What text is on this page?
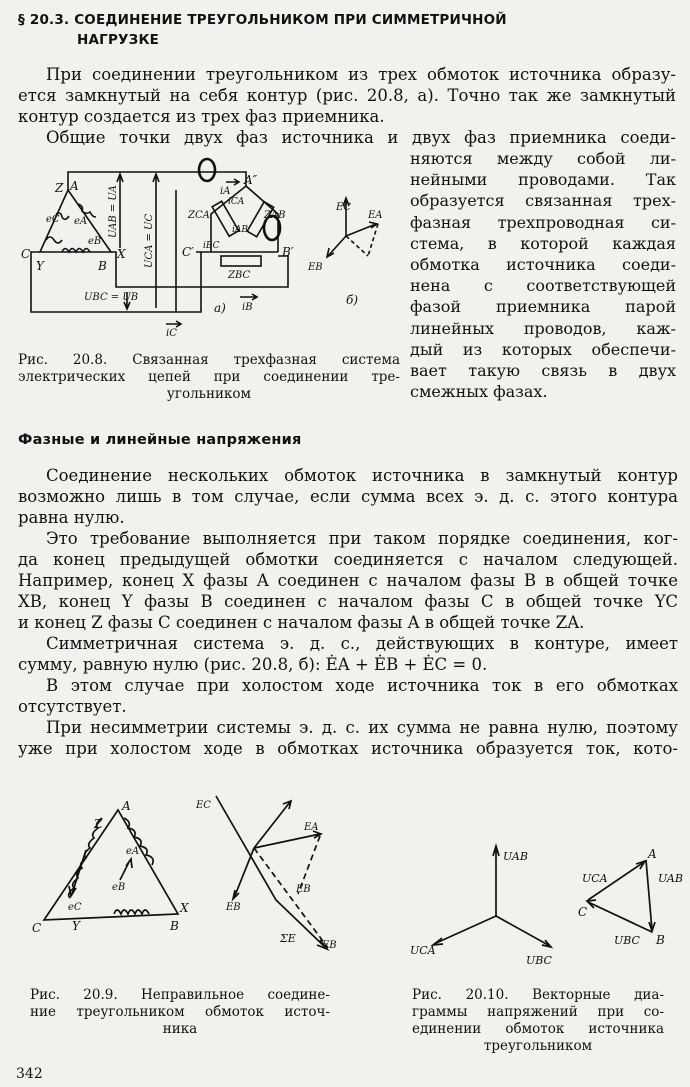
§ 20.3. СОЕДИНЕНИЕ ТРЕУГОЛЬНИКОМ ПРИ СИММЕТРИЧНОЙ
НАГРУЗКЕ
При соединении треугольником из трех обмоток источника образу-
ется замкнутый на себя контур (рис. 20.8, а). Точно так же замкнутый
контур создается из трех фаз приемника.
Общие точки двух фаз источника и двух фаз приемника соеди-
няются между собой ли-
нейными проводами. Так
образуется связанная трех-
фазная трехпроводная си-
стема, в которой каждая
обмотка источника соеди-
нена с соответствующей
фазой приемника парой
линейных проводов, каж-
дый из которых обеспечи-
вает такую связь в двух
смежных фазах.
Z A
C
Y	B
X
eC eA
eB
UAB = UA
UCA = UC
UBC = UB
A″
B′
C′
iA
iB
iC
ZCA	ZAB
ZBC
iCA
iAB
iBC
EC
EA
EB
а)
б)
Рис. 20.8. Связанная трехфазная система
электрических цепей при соединении тре-
угольником
Фазные и линейные напряжения
Соединение нескольких обмоток источника в замкнутый контур
возможно лишь в том случае, если сумма всех э. д. с. этого контура
равна нулю.
Это требование выполняется при таком порядке соединения, ког-
да конец предыдущей обмотки соединяется с началом следующей.
Например, конец X фазы A соединен с началом фазы B в общей точке
XB, конец Y фазы B соединен с началом фазы C в общей точке YC
и конец Z фазы C соединен с началом фазы A в общей точке ZA.
Симметричная система э. д. с., действующих в контуре, имеет
сумму, равную нулю (рис. 20.8, б): ĖA + ĖB + ĖC = 0.
В этом случае при холостом ходе источника ток в его обмотках
отсутствует.
При несимметрии системы э. д. с. их сумма не равна нулю, поэтому
уже при холостом ходе в обмотках источника образуется ток, кото-
A
Z
C	Y
X
B
eA
eB
eC
EC
EA
EB
EB
ΣE
EB
UAB
UCA
UBC
UCA	UAB
UBC
A
B
C
Рис. 20.9. Неправильное соедине-
ние треугольником обмоток источ-
ника
Рис. 20.10. Векторные диа-
граммы напряжений при со-
единении обмоток источника
треугольником
342
